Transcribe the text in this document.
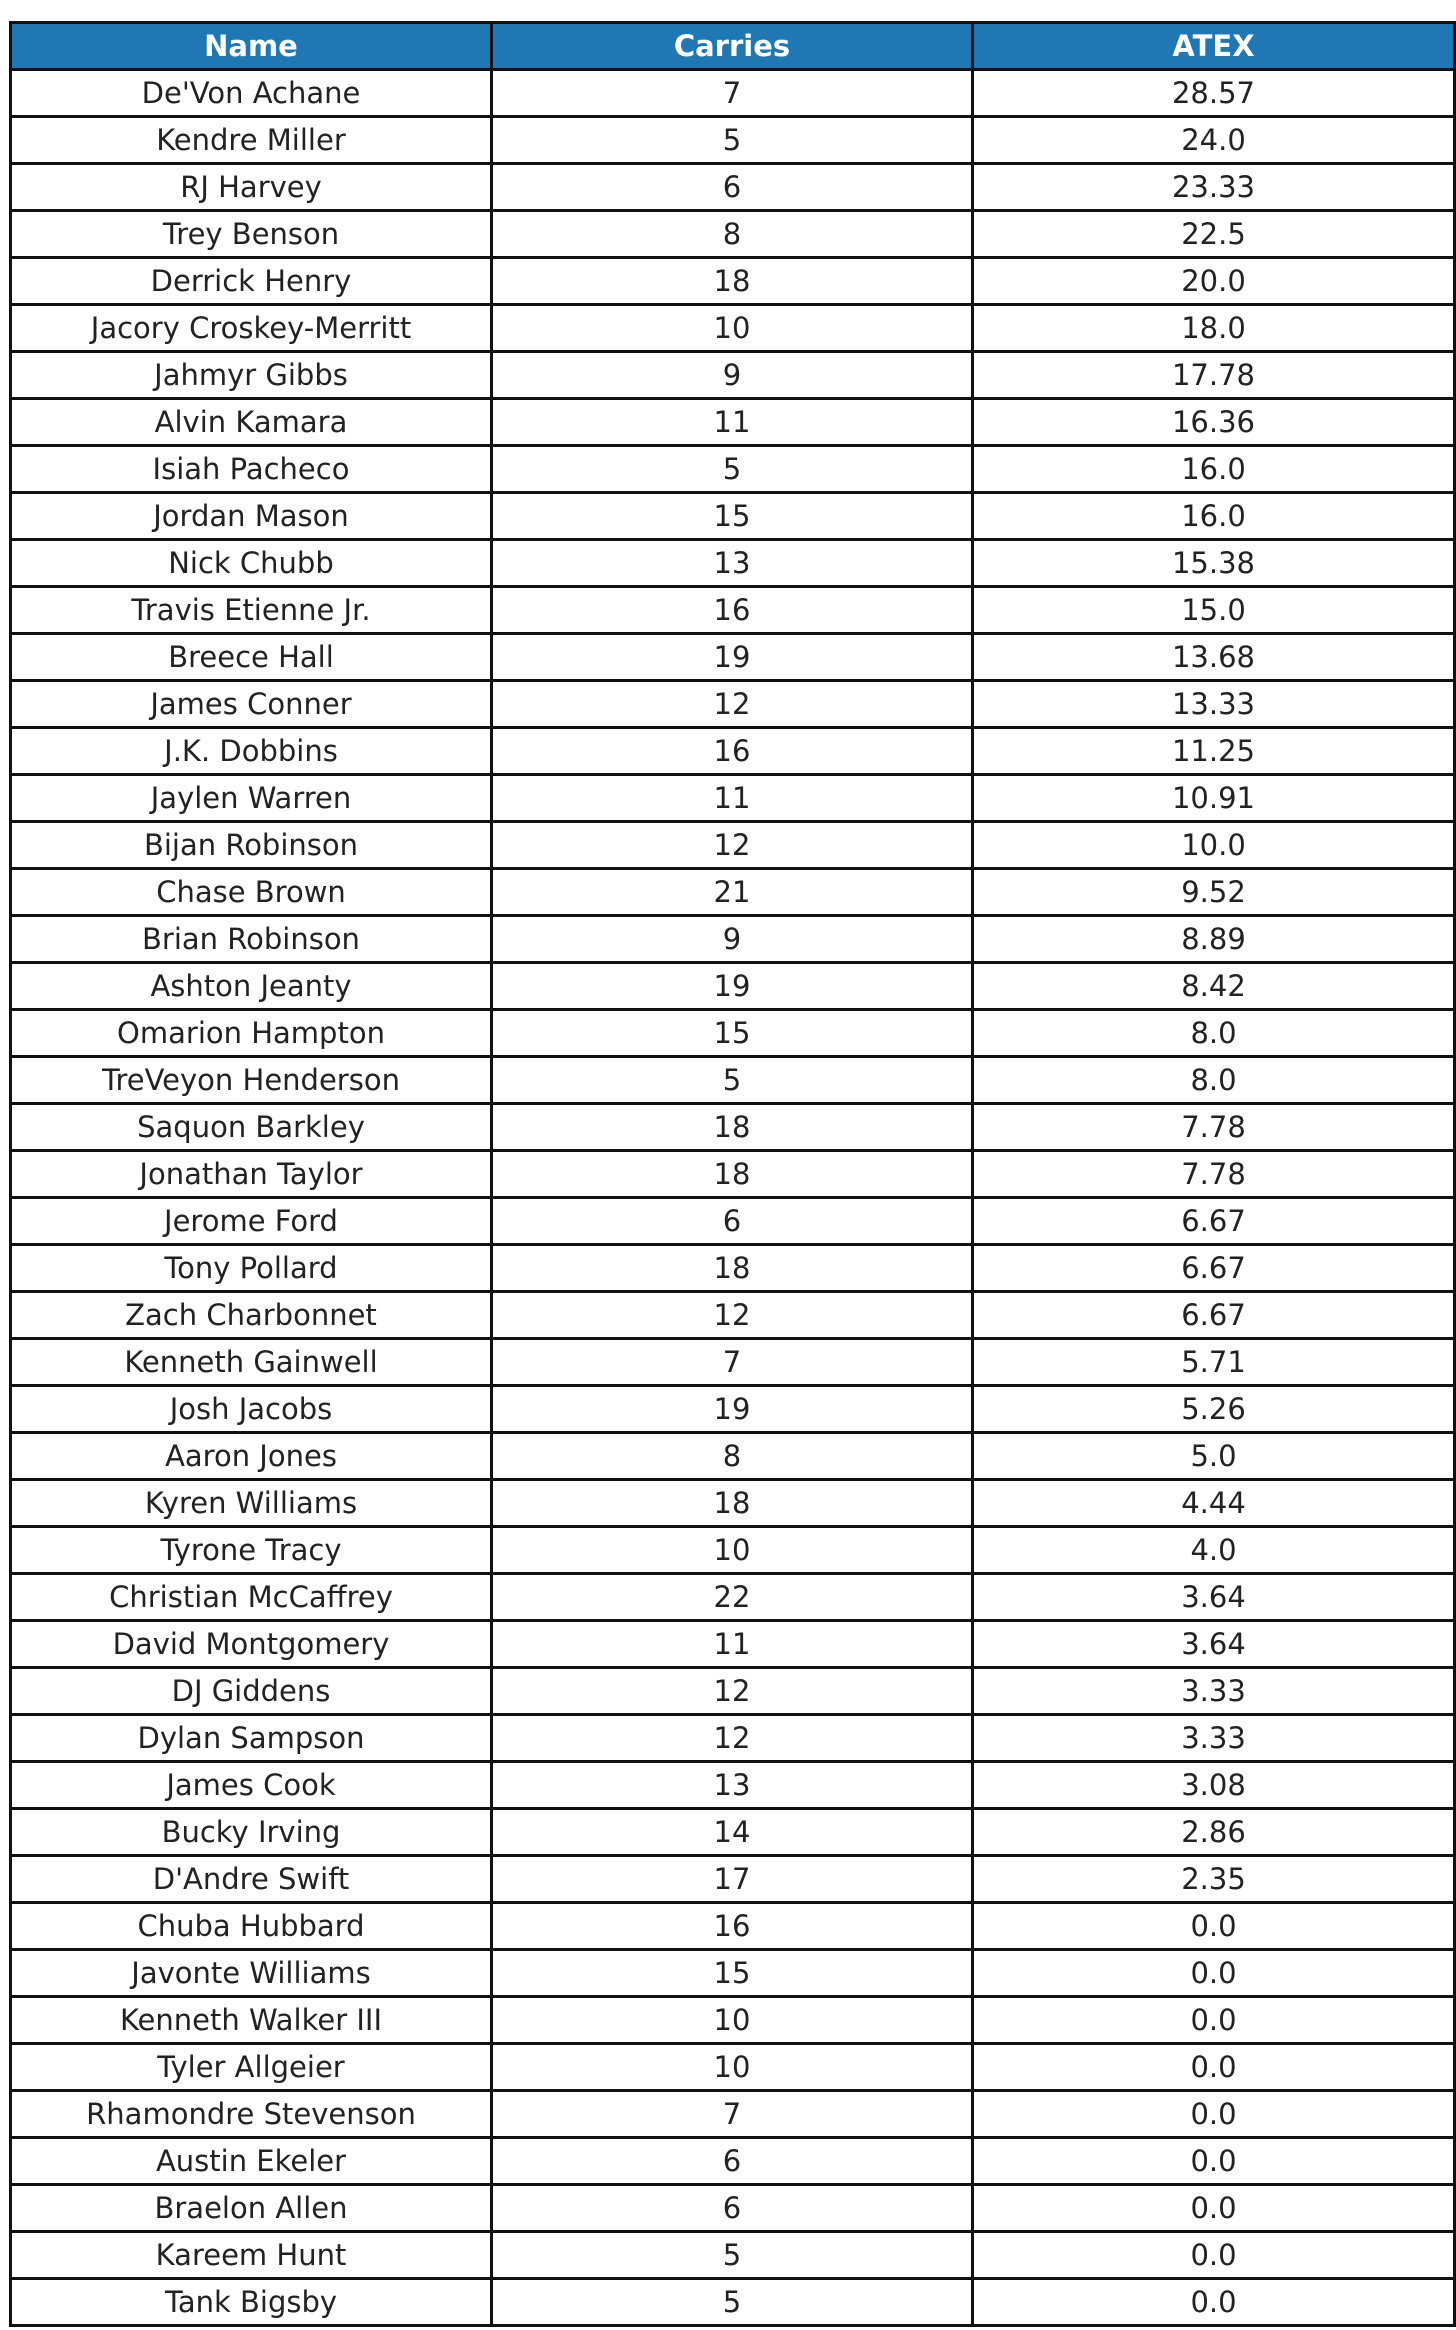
Name	Carries	ATEX
De'Von Achane	7	28.57
Kendre Miller	5	24.0
RJ Harvey	6	23.33
Trey Benson	8	22.5
Derrick Henry	18	20.0
Jacory Croskey-Merritt	10	18.0
Jahmyr Gibbs	9	17.78
Alvin Kamara	11	16.36
Isiah Pacheco	5	16.0
Jordan Mason	15	16.0
Nick Chubb	13	15.38
Travis Etienne Jr.	16	15.0
Breece Hall	19	13.68
James Conner	12	13.33
J.K. Dobbins	16	11.25
Jaylen Warren	11	10.91
Bijan Robinson	12	10.0
Chase Brown	21	9.52
Brian Robinson	9	8.89
Ashton Jeanty	19	8.42
Omarion Hampton	15	8.0
TreVeyon Henderson	5	8.0
Saquon Barkley	18	7.78
Jonathan Taylor	18	7.78
Jerome Ford	6	6.67
Tony Pollard	18	6.67
Zach Charbonnet	12	6.67
Kenneth Gainwell	7	5.71
Josh Jacobs	19	5.26
Aaron Jones	8	5.0
Kyren Williams	18	4.44
Tyrone Tracy	10	4.0
Christian McCaffrey	22	3.64
David Montgomery	11	3.64
DJ Giddens	12	3.33
Dylan Sampson	12	3.33
James Cook	13	3.08
Bucky Irving	14	2.86
D'Andre Swift	17	2.35
Chuba Hubbard	16	0.0
Javonte Williams	15	0.0
Kenneth Walker III	10	0.0
Tyler Allgeier	10	0.0
Rhamondre Stevenson	7	0.0
Austin Ekeler	6	0.0
Braelon Allen	6	0.0
Kareem Hunt	5	0.0
Tank Bigsby	5	0.0
